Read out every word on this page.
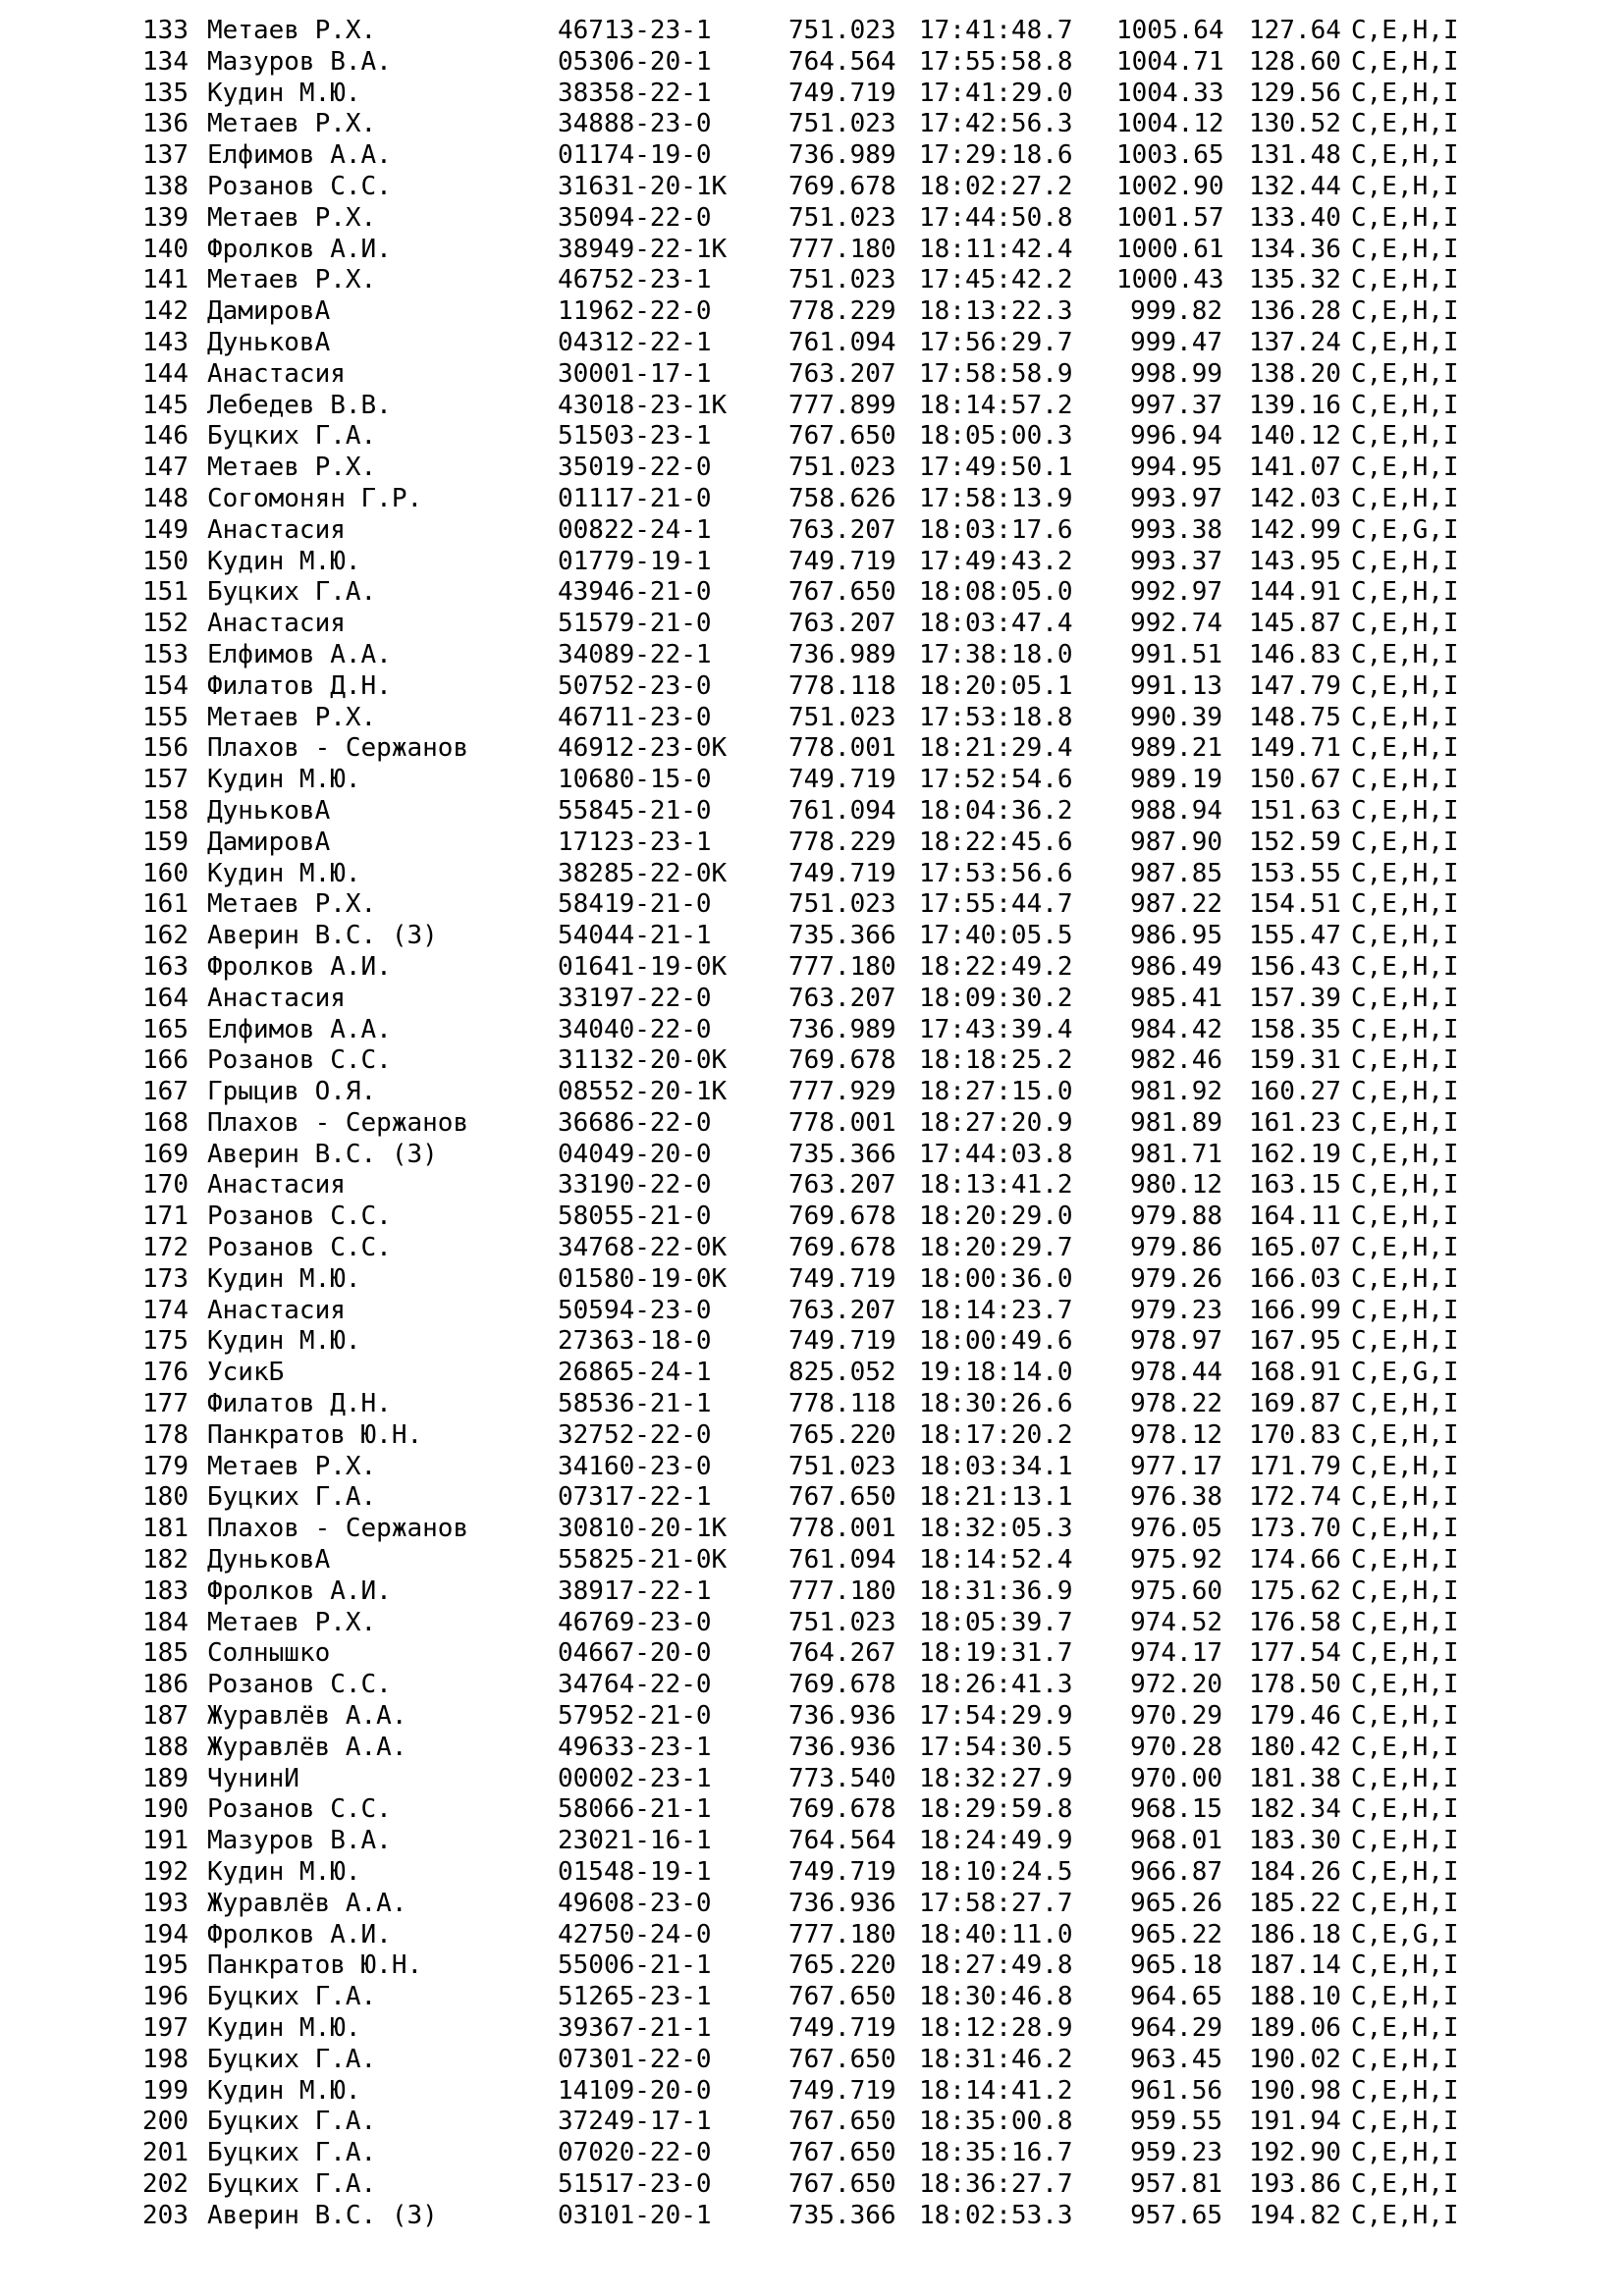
133 Метаев Р.Х.	46713-23-1	751.023 17:41:48.7 1005.64 127.64 C,E,H,I
134 Мазуров В.А.	05306-20-1	764.564 17:55:58.8 1004.71 128.60 C,E,H,I
135 Кудин М.Ю.	38358-22-1	749.719 17:41:29.0 1004.33 129.56 C,E,H,I
136 Метаев Р.Х.	34888-23-0	751.023 17:42:56.3 1004.12 130.52 C,E,H,I
137 Елфимов А.А.	01174-19-0	736.989 17:29:18.6 1003.65 131.48 C,E,H,I
138 Розанов С.С.	31631-20-1K 769.678 18:02:27.2 1002.90 132.44 C,E,H,I
139 Метаев Р.Х.	35094-22-0	751.023 17:44:50.8 1001.57 133.40 C,E,H,I
140 Фролков А.И.	38949-22-1K 777.180 18:11:42.4 1000.61 134.36 C,E,H,I
141 Метаев Р.Х.	46752-23-1	751.023 17:45:42.2 1000.43 135.32 C,E,H,I
142 ДамировА	11962-22-0	778.229 18:13:22.3	999.82 136.28 C,E,H,I
143 ДуньковА	04312-22-1	761.094 17:56:29.7	999.47 137.24 C,E,H,I
144 Анастасия	30001-17-1	763.207 17:58:58.9	998.99 138.20 C,E,H,I
145 Лебедев В.В.	43018-23-1K 777.899 18:14:57.2	997.37 139.16 C,E,H,I
146 Буцких Г.А.	51503-23-1	767.650 18:05:00.3	996.94 140.12 C,E,H,I
147 Метаев Р.Х.	35019-22-0	751.023 17:49:50.1	994.95 141.07 C,E,H,I
148 Согомонян Г.Р.	01117-21-0	758.626 17:58:13.9	993.97 142.03 C,E,H,I
149 Анастасия	00822-24-1	763.207 18:03:17.6	993.38 142.99 C,E,G,I
150 Кудин М.Ю.	01779-19-1	749.719 17:49:43.2	993.37 143.95 C,E,H,I
151 Буцких Г.А.	43946-21-0	767.650 18:08:05.0	992.97 144.91 C,E,H,I
152 Анастасия	51579-21-0	763.207 18:03:47.4	992.74 145.87 C,E,H,I
153 Елфимов А.А.	34089-22-1	736.989 17:38:18.0	991.51 146.83 C,E,H,I
154 Филатов Д.Н.	50752-23-0	778.118 18:20:05.1	991.13 147.79 C,E,H,I
155 Метаев Р.Х.	46711-23-0	751.023 17:53:18.8	990.39 148.75 C,E,H,I
156 Плахов - Сержанов	46912-23-0K 778.001 18:21:29.4	989.21 149.71 C,E,H,I
157 Кудин М.Ю.	10680-15-0	749.719 17:52:54.6	989.19 150.67 C,E,H,I
158 ДуньковА	55845-21-0	761.094 18:04:36.2	988.94 151.63 C,E,H,I
159 ДамировА	17123-23-1	778.229 18:22:45.6	987.90 152.59 C,E,H,I
160 Кудин М.Ю.	38285-22-0K 749.719 17:53:56.6	987.85 153.55 C,E,H,I
161 Метаев Р.Х.	58419-21-0	751.023 17:55:44.7	987.22 154.51 C,E,H,I
162 Аверин В.С. (З)	54044-21-1	735.366 17:40:05.5	986.95 155.47 C,E,H,I
163 Фролков А.И.	01641-19-0K 777.180 18:22:49.2	986.49 156.43 C,E,H,I
164 Анастасия	33197-22-0	763.207 18:09:30.2	985.41 157.39 C,E,H,I
165 Елфимов А.А.	34040-22-0	736.989 17:43:39.4	984.42 158.35 C,E,H,I
166 Розанов С.С.	31132-20-0K 769.678 18:18:25.2	982.46 159.31 C,E,H,I
167 Грыцив О.Я.	08552-20-1K 777.929 18:27:15.0	981.92 160.27 C,E,H,I
168 Плахов - Сержанов	36686-22-0	778.001 18:27:20.9	981.89 161.23 C,E,H,I
169 Аверин В.С. (З)	04049-20-0	735.366 17:44:03.8	981.71 162.19 C,E,H,I
170 Анастасия	33190-22-0	763.207 18:13:41.2	980.12 163.15 C,E,H,I
171 Розанов С.С.	58055-21-0	769.678 18:20:29.0	979.88 164.11 C,E,H,I
172 Розанов С.С.	34768-22-0K 769.678 18:20:29.7	979.86 165.07 C,E,H,I
173 Кудин М.Ю.	01580-19-0K 749.719 18:00:36.0	979.26 166.03 C,E,H,I
174 Анастасия	50594-23-0	763.207 18:14:23.7	979.23 166.99 C,E,H,I
175 Кудин М.Ю.	27363-18-0	749.719 18:00:49.6	978.97 167.95 C,E,H,I
176 УсикБ	26865-24-1	825.052 19:18:14.0	978.44 168.91 C,E,G,I
177 Филатов Д.Н.	58536-21-1	778.118 18:30:26.6	978.22 169.87 C,E,H,I
178 Панкратов Ю.Н.	32752-22-0	765.220 18:17:20.2	978.12 170.83 C,E,H,I
179 Метаев Р.Х.	34160-23-0	751.023 18:03:34.1	977.17 171.79 C,E,H,I
180 Буцких Г.А.	07317-22-1	767.650 18:21:13.1	976.38 172.74 C,E,H,I
181 Плахов - Сержанов	30810-20-1K 778.001 18:32:05.3	976.05 173.70 C,E,H,I
182 ДуньковА	55825-21-0K 761.094 18:14:52.4	975.92 174.66 C,E,H,I
183 Фролков А.И.	38917-22-1	777.180 18:31:36.9	975.60 175.62 C,E,H,I
184 Метаев Р.Х.	46769-23-0	751.023 18:05:39.7	974.52 176.58 C,E,H,I
185 Солнышко	04667-20-0	764.267 18:19:31.7	974.17 177.54 C,E,H,I
186 Розанов С.С.	34764-22-0	769.678 18:26:41.3	972.20 178.50 C,E,H,I
187 Журавлёв А.А.	57952-21-0	736.936 17:54:29.9	970.29 179.46 C,E,H,I
188 Журавлёв А.А.	49633-23-1	736.936 17:54:30.5	970.28 180.42 C,E,H,I
189 ЧунинИ	00002-23-1	773.540 18:32:27.9	970.00 181.38 C,E,H,I
190 Розанов С.С.	58066-21-1	769.678 18:29:59.8	968.15 182.34 C,E,H,I
191 Мазуров В.А.	23021-16-1	764.564 18:24:49.9	968.01 183.30 C,E,H,I
192 Кудин М.Ю.	01548-19-1	749.719 18:10:24.5	966.87 184.26 C,E,H,I
193 Журавлёв А.А.	49608-23-0	736.936 17:58:27.7	965.26 185.22 C,E,H,I
194 Фролков А.И.	42750-24-0	777.180 18:40:11.0	965.22 186.18 C,E,G,I
195 Панкратов Ю.Н.	55006-21-1	765.220 18:27:49.8	965.18 187.14 C,E,H,I
196 Буцких Г.А.	51265-23-1	767.650 18:30:46.8	964.65 188.10 C,E,H,I
197 Кудин М.Ю.	39367-21-1	749.719 18:12:28.9	964.29 189.06 C,E,H,I
198 Буцких Г.А.	07301-22-0	767.650 18:31:46.2	963.45 190.02 C,E,H,I
199 Кудин М.Ю.	14109-20-0	749.719 18:14:41.2	961.56 190.98 C,E,H,I
200 Буцких Г.А.	37249-17-1	767.650 18:35:00.8	959.55 191.94 C,E,H,I
201 Буцких Г.А.	07020-22-0	767.650 18:35:16.7	959.23 192.90 C,E,H,I
202 Буцких Г.А.	51517-23-0	767.650 18:36:27.7	957.81 193.86 C,E,H,I
203 Аверин В.С. (З)	03101-20-1	735.366 18:02:53.3	957.65 194.82 C,E,H,I
